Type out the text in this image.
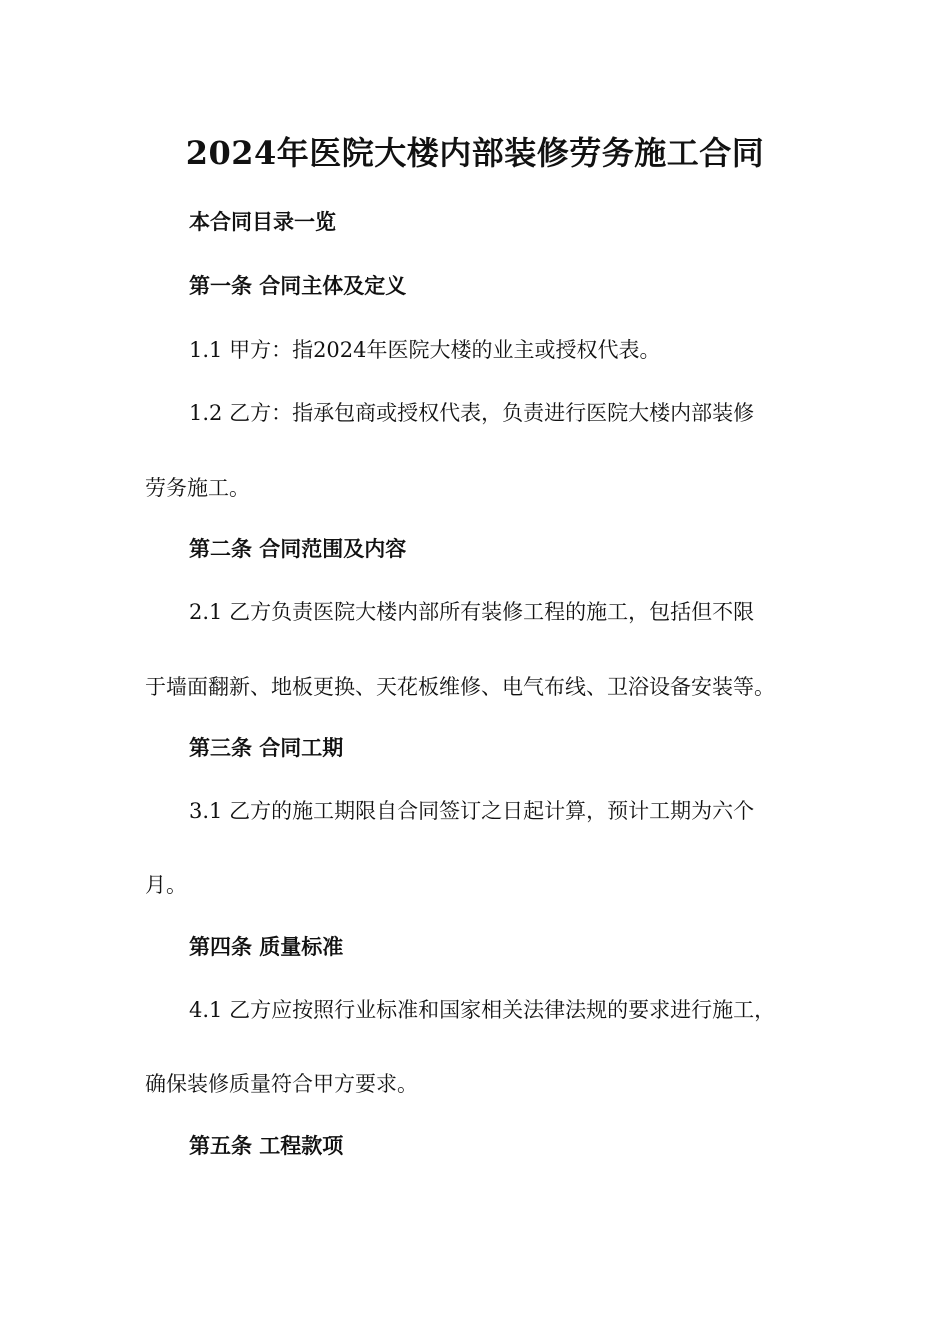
2024年医院大楼内部装修劳务施工合同
本合同目录一览
第一条 合同主体及定义
1.1 甲方：指2024年医院大楼的业主或授权代表。
1.2 乙方：指承包商或授权代表，负责进行医院大楼内部装修
劳务施工。
第二条 合同范围及内容
2.1 乙方负责医院大楼内部所有装修工程的施工，包括但不限
于墙面翻新、地板更换、天花板维修、电气布线、卫浴设备安装等。
第三条 合同工期
3.1 乙方的施工期限自合同签订之日起计算，预计工期为六个
月。
第四条 质量标准
4.1 乙方应按照行业标准和国家相关法律法规的要求进行施工，
确保装修质量符合甲方要求。
第五条 工程款项
